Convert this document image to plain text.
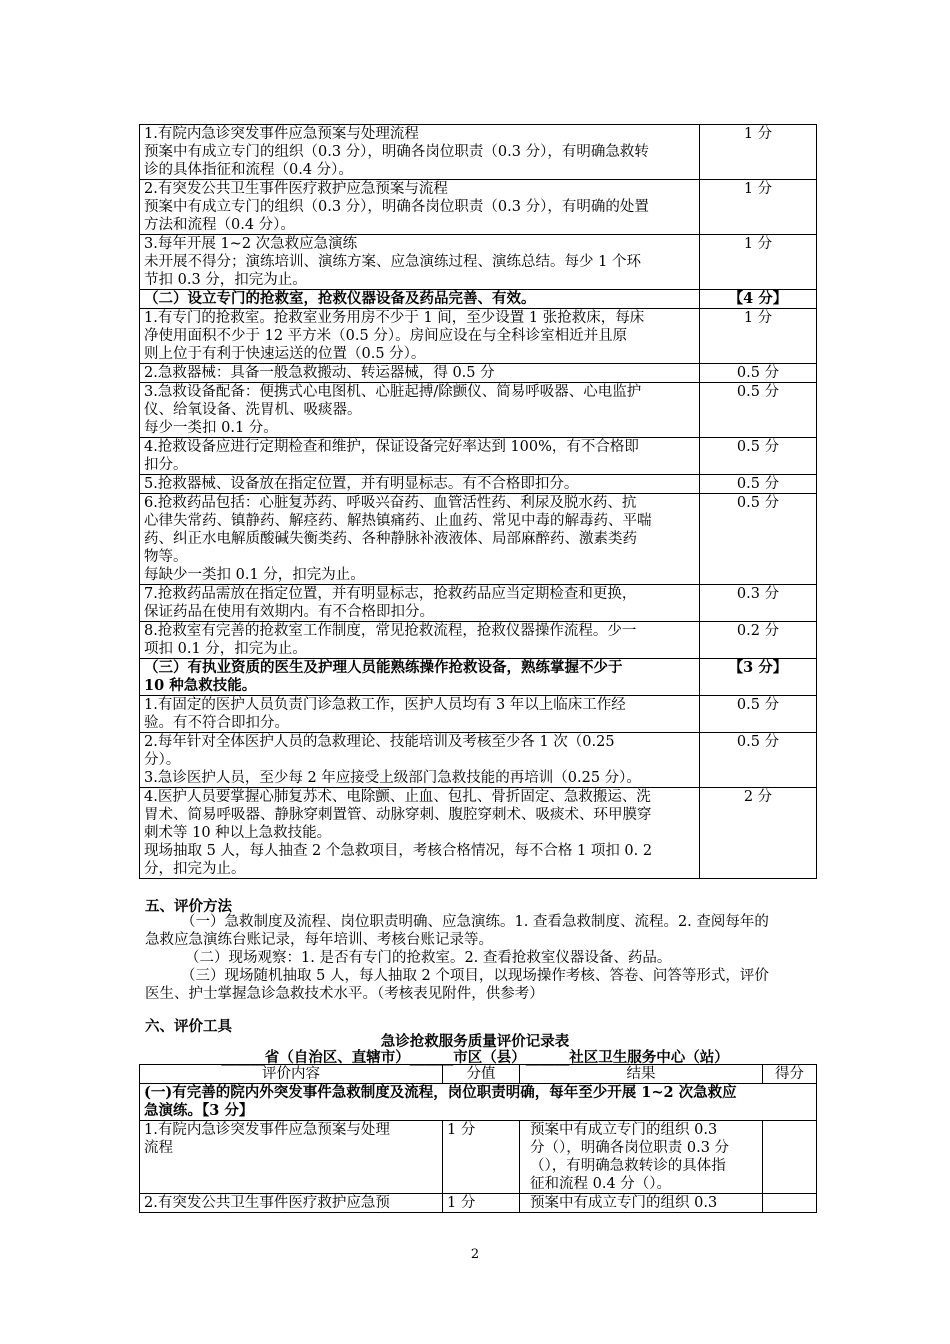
1.有院内急诊突发事件应急预案与处理流程
预案中有成立专门的组织（0.3 分），明确各岗位职责（0.3 分），有明确急救转
诊的具体指征和流程（0.4 分）。	1 分

2.有突发公共卫生事件医疗救护应急预案与流程
预案中有成立专门的组织（0.3 分），明确各岗位职责（0.3 分），有明确的处置
方法和流程（0.4 分）。	1 分

3.每年开展 1~2 次急救应急演练
未开展不得分；演练培训、演练方案、应急演练过程、演练总结。每少 1 个环
节扣 0.3 分，扣完为止。	1 分

（二）设立专门的抢救室，抢救仪器设备及药品完善、有效。	【4 分】

1.有专门的抢救室。抢救室业务用房不少于 1 间，至少设置 1 张抢救床，每床
净使用面积不少于 12 平方米（0.5 分）。房间应设在与全科诊室相近并且原
则上位于有利于快速运送的位置（0.5 分）。	1 分

2.急救器械：具备一般急救搬动、转运器械，得 0.5 分	0.5 分

3.急救设备配备：便携式心电图机、心脏起搏/除颤仪、简易呼吸器、心电监护
仪、给氧设备、洗胃机、吸痰器。
每少一类扣 0.1 分。	0.5 分

4.抢救设备应进行定期检查和维护，保证设备完好率达到 100%，有不合格即
扣分。	0.5 分

5.抢救器械、设备放在指定位置，并有明显标志。有不合格即扣分。	0.5 分

6.抢救药品包括：心脏复苏药、呼吸兴奋药、血管活性药、利尿及脱水药、抗
心律失常药、镇静药、解痉药、解热镇痛药、止血药、常见中毒的解毒药、平喘
药、纠正水电解质酸碱失衡类药、各种静脉补液液体、局部麻醉药、激素类药
物等。
每缺少一类扣 0.1 分，扣完为止。	0.5 分

7.抢救药品需放在指定位置，并有明显标志，抢救药品应当定期检查和更换，
保证药品在使用有效期内。有不合格即扣分。	0.3 分

8.抢救室有完善的抢救室工作制度，常见抢救流程，抢救仪器操作流程。少一
项扣 0.1 分，扣完为止。	0.2 分

（三）有执业资质的医生及护理人员能熟练操作抢救设备，熟练掌握不少于
10 种急救技能。	【3 分】

1.有固定的医护人员负责门诊急救工作，医护人员均有 3 年以上临床工作经
验。有不符合即扣分。	0.5 分

2.每年针对全体医护人员的急救理论、技能培训及考核至少各 1 次（0.25
分）。
3.急诊医护人员，至少每 2 年应接受上级部门急救技能的再培训（0.25 分）。	0.5 分

4.医护人员要掌握心肺复苏术、电除颤、止血、包扎、骨折固定、急救搬运、洗
胃术、简易呼吸器、静脉穿刺置管、动脉穿刺、腹腔穿刺术、吸痰术、环甲膜穿
刺术等 10 种以上急救技能。
现场抽取 5 人，每人抽查 2 个急救项目，考核合格情况，每不合格 1 项扣 0. 2
分，扣完为止。	2 分
五、评价方法
（一）急救制度及流程、岗位职责明确、应急演练。1. 查看急救制度、流程。2. 查阅每年的
急救应急演练台账记录，每年培训、考核台账记录等。
（二）现场观察：1. 是否有专门的抢救室。2. 查看抢救室仪器设备、药品。
（三）现场随机抽取 5 人，每人抽取 2 个项目，以现场操作考核、答卷、问答等形式，评价
医生、护士掌握急诊急救技术水平。（考核表见附件，供参考）
六、评价工具
急诊抢救服务质量评价记录表
______省（自治区、直辖市）______市区（县）______社区卫生服务中心（站）
评价内容	分值	结果	得分

(一)有完善的院内外突发事件急救制度及流程，岗位职责明确，每年至少开展 1~2 次急救应
急演练。【3 分】			

1.有院内急诊突发事件应急预案与处理
流程	1 分	预案中有成立专门的组织 0.3
分（），明确各岗位职责 0.3 分
（），有明确急救转诊的具体指
征和流程 0.4 分（）。	

2.有突发公共卫生事件医疗救护应急预	1 分	预案中有成立专门的组织 0.3	

2
